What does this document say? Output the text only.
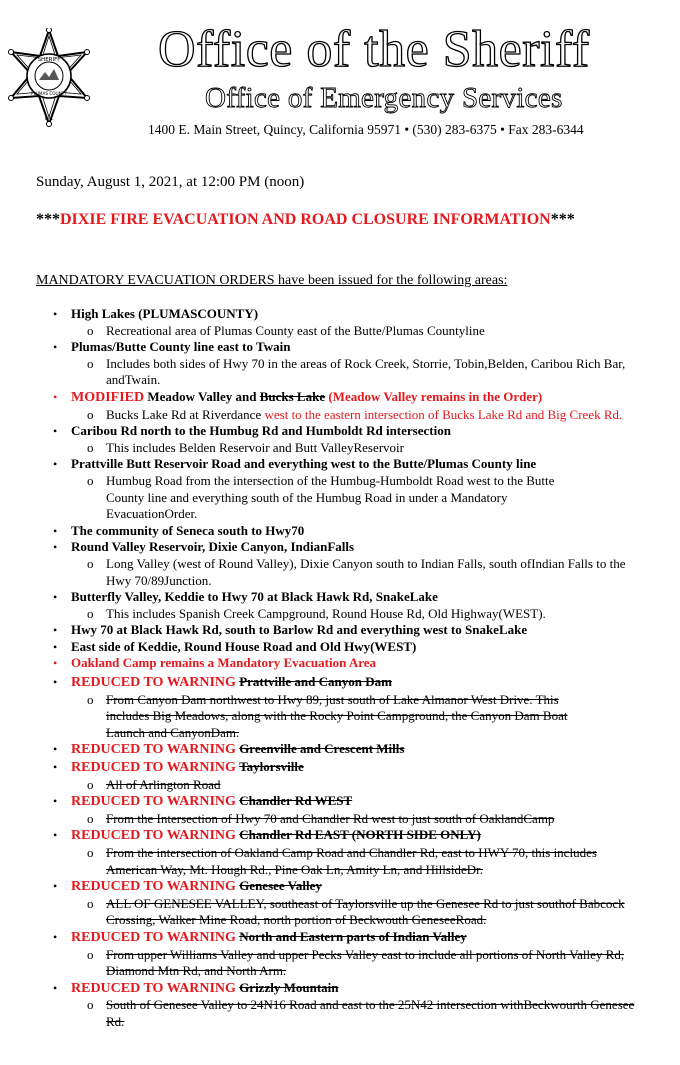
SHERIFF
PLUMAS COUNTY
CAL
Office of the Sheriff
Office of Emergency Services
1400 E. Main Street, Quincy, California 95971 • (530) 283-6375 • Fax 283-6344
Sunday, August 1, 2021, at 12:00 PM (noon)
***DIXIE FIRE EVACUATION AND ROAD CLOSURE INFORMATION***
MANDATORY EVACUATION ORDERS have been issued for the following areas:
• High Lakes (PLUMASCOUNTY)
o Recreational area of Plumas County east of the Butte/Plumas Countyline
• Plumas/Butte County line east to Twain
o Includes both sides of Hwy 70 in the areas of Rock Creek, Storrie, Tobin,Belden, Caribou Rich Bar, andTwain.
• MODIFIED Meadow Valley and Bucks Lake (Meadow Valley remains in the Order)
o Bucks Lake Rd at Riverdance west to the eastern intersection of Bucks Lake Rd and Big Creek Rd.
• Caribou Rd north to the Humbug Rd and Humboldt Rd intersection
o This includes Belden Reservoir and Butt ValleyReservoir
• Prattville Butt Reservoir Road and everything west to the Butte/Plumas County line
o Humbug Road from the intersection of the Humbug-Humboldt Road west to the Butte County line and everything south of the Humbug Road in under a Mandatory EvacuationOrder.
• The community of Seneca south to Hwy70
• Round Valley Reservoir, Dixie Canyon, IndianFalls
o Long Valley (west of Round Valley), Dixie Canyon south to Indian Falls, south ofIndian Falls to the Hwy 70/89Junction.
• Butterfly Valley, Keddie to Hwy 70 at Black Hawk Rd, SnakeLake
o This includes Spanish Creek Campground, Round House Rd, Old Highway(WEST).
• Hwy 70 at Black Hawk Rd, south to Barlow Rd and everything west to SnakeLake
• East side of Keddie, Round House Road and Old Hwy(WEST)
• Oakland Camp remains a Mandatory Evacuation Area
• REDUCED TO WARNING Prattville and Canyon Dam
o From Canyon Dam northwest to Hwy 89, just south of Lake Almanor West Drive. This includes Big Meadows, along with the Rocky Point Campground, the Canyon Dam Boat Launch and CanyonDam.
• REDUCED TO WARNING Greenville and Crescent Mills
• REDUCED TO WARNING Taylorsville
o All of Arlington Road
• REDUCED TO WARNING Chandler Rd WEST
o From the Intersection of Hwy 70 and Chandler Rd west to just south of OaklandCamp
• REDUCED TO WARNING Chandler Rd EAST (NORTH SIDE ONLY)
o From the intersection of Oakland Camp Road and Chandler Rd, east to HWY 70, this includes American Way, Mt. Hough Rd., Pine Oak Ln, Amity Ln, and HillsideDr.
• REDUCED TO WARNING Genesee Valley
o ALL OF GENESEE VALLEY, southeast of Taylorsville up the Genesee Rd to just southof Babcock Crossing, Walker Mine Road, north portion of Beckwouth GeneseeRoad.
• REDUCED TO WARNING North and Eastern parts of Indian Valley
o From upper Williams Valley and upper Pecks Valley east to include all portions of North Valley Rd, Diamond Mtn Rd, and North Arm.
• REDUCED TO WARNING Grizzly Mountain
o South of Genesee Valley to 24N16 Road and east to the 25N42 intersection withBeckwourth Genesee Rd.
